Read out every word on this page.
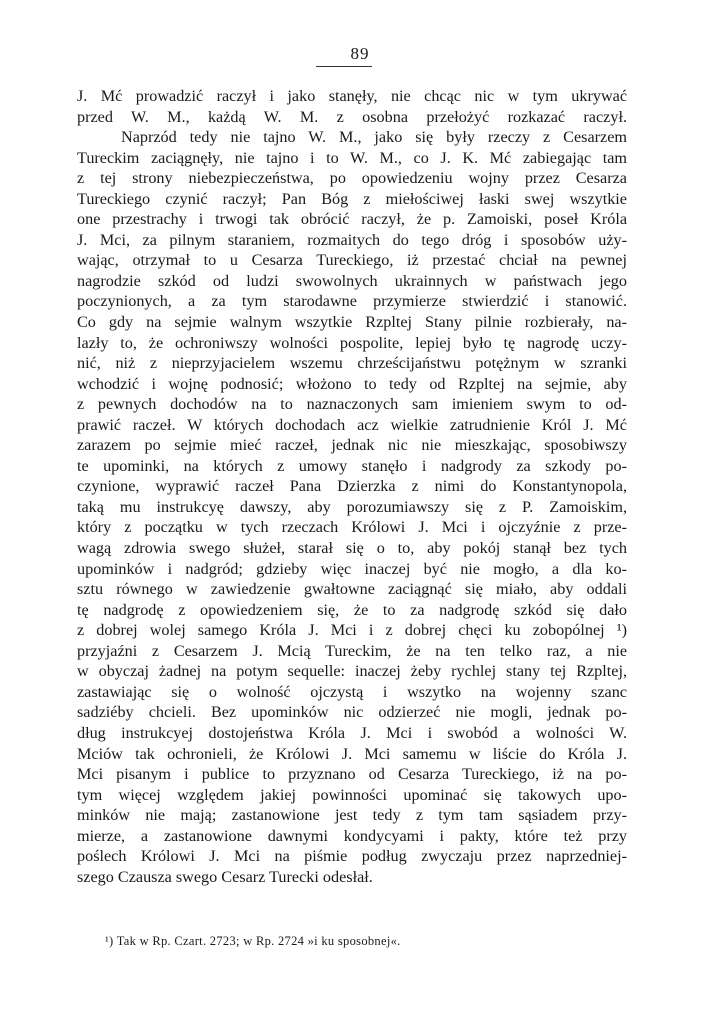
89
J. Mć prowadzić raczył i jako stanęły, nie chcąc nic w tym ukrywać
przed W. M., każdą W. M. z osobna przełożyć rozkazać raczył.
Naprzód tedy nie tajno W. M., jako się były rzeczy z Cesarzem
Tureckim zaciągnęły, nie tajno i to W. M., co J. K. Mć zabiegając tam
z tej strony niebezpieczeństwa, po opowiedzeniu wojny przez Cesarza
Tureckiego czynić raczył; Pan Bóg z miełościwej łaski swej wszytkie
one przestrachy i trwogi tak obrócić raczył, że p. Zamoiski, poseł Króla
J. Mci, za pilnym staraniem, rozmaitych do tego dróg i sposobów uży-
wając, otrzymał to u Cesarza Tureckiego, iż przestać chciał na pewnej
nagrodzie szkód od ludzi swowolnych ukrainnych w państwach jego
poczynionych, a za tym starodawne przymierze stwierdzić i stanowić.
Co gdy na sejmie walnym wszytkie Rzpltej Stany pilnie rozbierały, na-
lazły to, że ochroniwszy wolności pospolite, lepiej było tę nagrodę uczy-
nić, niż z nieprzyjacielem wszemu chrześcijaństwu potężnym w szranki
wchodzić i wojnę podnosić; włożono to tedy od Rzpltej na sejmie, aby
z pewnych dochodów na to naznaczonych sam imieniem swym to od-
prawić raczeł. W których dochodach acz wielkie zatrudnienie Król J. Mć
zarazem po sejmie mieć raczeł, jednak nic nie mieszkając, sposobiwszy
te upominki, na których z umowy stanęło i nadgrody za szkody po-
czynione, wyprawić raczeł Pana Dzierzka z nimi do Konstantynopola,
taką mu instrukcyę dawszy, aby porozumiawszy się z P. Zamoiskim,
który z początku w tych rzeczach Królowi J. Mci i ojczyźnie z prze-
wagą zdrowia swego służeł, starał się o to, aby pokój stanął bez tych
upominków i nadgród; gdzieby więc inaczej być nie mogło, a dla ko-
sztu równego w zawiedzenie gwałtowne zaciągnąć się miało, aby oddali
tę nadgrodę z opowiedzeniem się, że to za nadgrodę szkód się dało
z dobrej wolej samego Króla J. Mci i z dobrej chęci ku zobopólnej ¹)
przyjaźni z Cesarzem J. Mcią Tureckim, że na ten telko raz, a nie
w obyczaj żadnej na potym sequelle: inaczej żeby rychlej stany tej Rzpltej,
zastawiając się o wolność ojczystą i wszytko na wojenny szanc
sadziéby chcieli. Bez upominków nic odzierzeć nie mogli, jednak po-
dług instrukcyej dostojeństwa Króla J. Mci i swobód a wolności W.
Mciów tak ochronieli, że Królowi J. Mci samemu w liście do Króla J.
Mci pisanym i publice to przyznano od Cesarza Tureckiego, iż na po-
tym więcej względem jakiej powinności upominać się takowych upo-
minków nie mają; zastanowione jest tedy z tym tam sąsiadem przy-
mierze, a zastanowione dawnymi kondycyami i pakty, które też przy
poślech Królowi J. Mci na piśmie podług zwyczaju przez naprzedniej-
szego Czausza swego Cesarz Turecki odesłał.
¹) Tak w Rp. Czart. 2723; w Rp. 2724 »i ku sposobnej«.
